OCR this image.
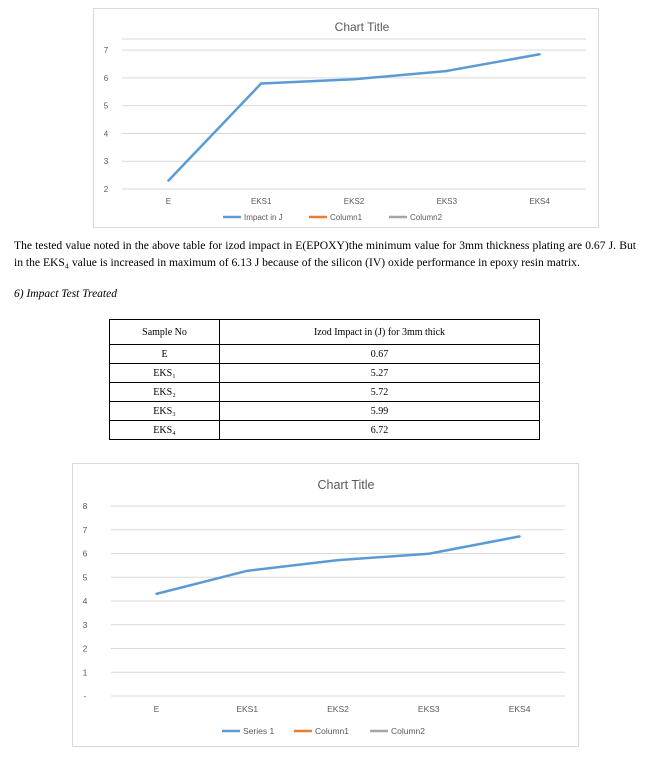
Chart Title
2
3
4
5
6
7
E	EKS1	EKS2	EKS3	EKS4
Impact in J	Column1	Column2
The tested value noted in the above table for izod impact in E(EPOXY)the minimum value for 3mm thickness plating are 0.67 J. But in the EKS₄ value is increased in maximum of 6.13 J because of the silicon (IV) oxide performance in epoxy resin matrix.
6) Impact Test Treated
Sample No	Izod Impact in (J) for 3mm thick
E	0.67
EKS₁	5.27
EKS₂	5.72
EKS₃	5.99
EKS₄	6.72
Chart Title
-
1
2
3
4
5
6
7
8
E	EKS1	EKS2	EKS3	EKS4
Series 1	Column1	Column2
